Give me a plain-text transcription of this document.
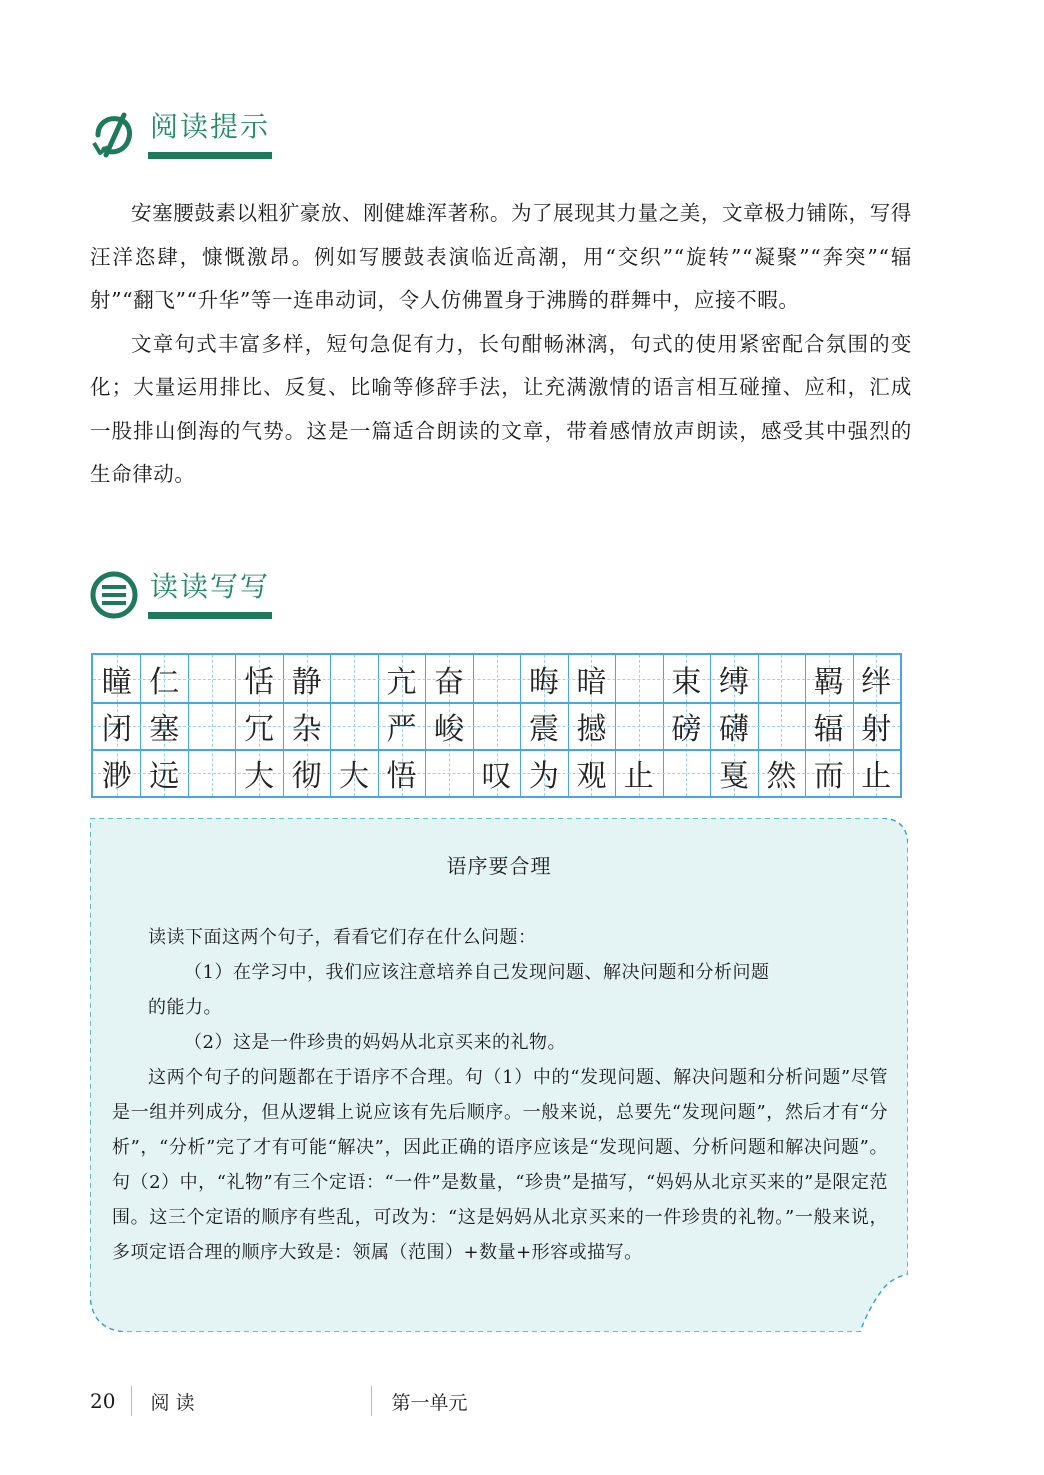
阅读提示

安塞腰鼓素以粗犷豪放、刚健雄浑著称。为了展现其力量之美，文章极力铺陈，写得汪洋恣肆，慷慨激昂。例如写腰鼓表演临近高潮，用“交织”“旋转”“凝聚”“奔突”“辐射”“翻飞”“升华”等一连串动词，令人仿佛置身于沸腾的群舞中，应接不暇。

文章句式丰富多样，短句急促有力，长句酣畅淋漓，句式的使用紧密配合氛围的变化；大量运用排比、反复、比喻等修辞手法，让充满激情的语言相互碰撞、应和，汇成一股排山倒海的气势。这是一篇适合朗读的文章，带着感情放声朗读，感受其中强烈的生命律动。

读读写写
瞳 仁 恬 静 亢 奋 晦 暗 束 缚 羁 绊
闭 塞 冗 杂 严 峻 震 撼 磅 礴 辐 射
渺 远 大 彻 大 悟 叹 为 观 止 戛 然 而 止
语序要合理

读读下面这两个句子，看看它们存在什么问题：

（1）在学习中，我们应该注意培养自己发现问题、解决问题和分析问题

的能力。

（2）这是一件珍贵的妈妈从北京买来的礼物。

这两个句子的问题都在于语序不合理。句（1）中的“发现问题、解决问题和分析问题”尽管是一组并列成分，但从逻辑上说应该有先后顺序。一般来说，总要先“发现问题”，然后才有“分析”，“分析”完了才有可能“解决”，因此正确的语序应该是“发现问题、分析问题和解决问题”。句（2）中，“礼物”有三个定语：“一件”是数量，“珍贵”是描写，“妈妈从北京买来的”是限定范围。这三个定语的顺序有些乱，可改为：“这是妈妈从北京买来的一件珍贵的礼物。”一般来说，多项定语合理的顺序大致是：领属（范围）+数量+形容或描写。

20 阅 读	第一单元
